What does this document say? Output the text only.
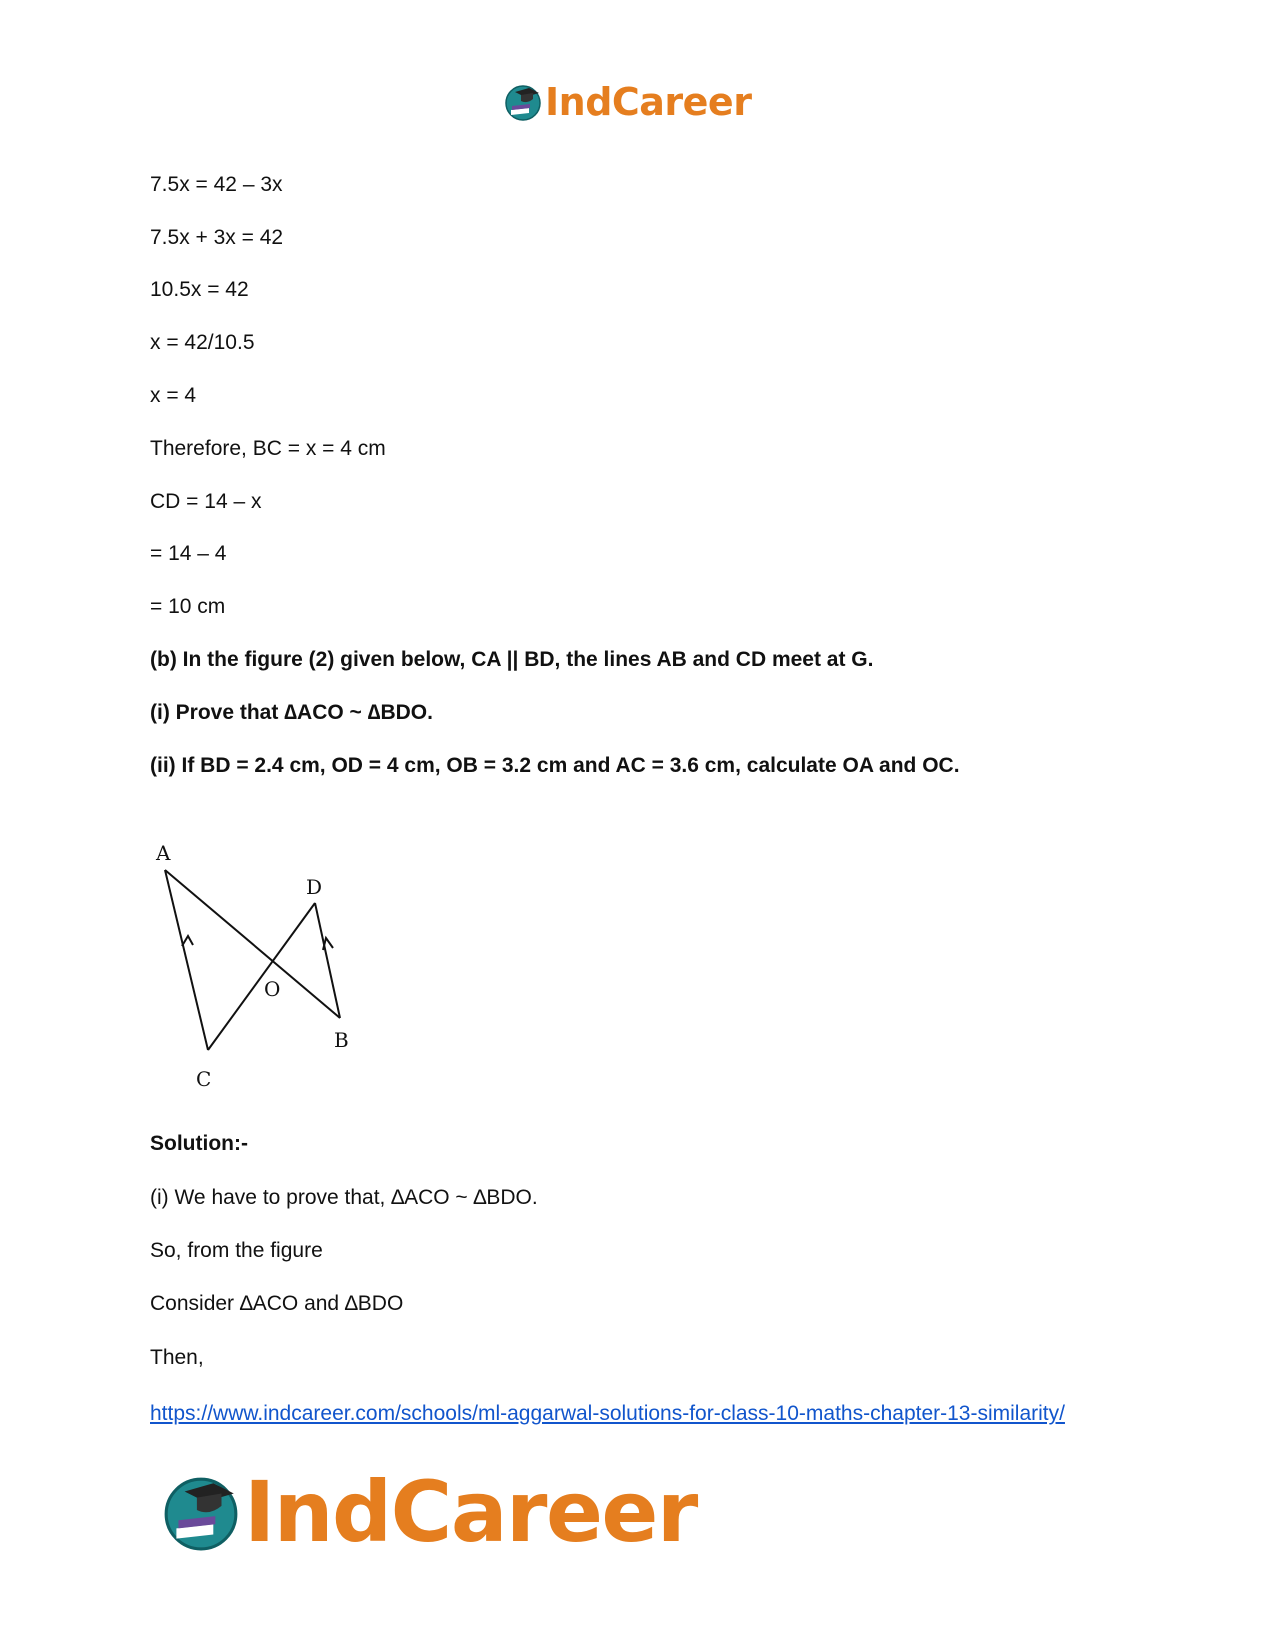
IndCareer
7.5x = 42 – 3x
7.5x + 3x = 42
10.5x = 42
x = 42/10.5
x = 4
Therefore, BC = x = 4 cm
CD = 14 – x
= 14 – 4
= 10 cm
(b) In the figure (2) given below, CA || BD, the lines AB and CD meet at G.
(i) Prove that ∆ACO ~ ∆BDO.
(ii) If BD = 2.4 cm, OD = 4 cm, OB = 3.2 cm and AC = 3.6 cm, calculate OA and OC.
A
D
O
B
C
Solution:-
(i) We have to prove that, ∆ACO ~ ∆BDO.
So, from the figure
Consider ∆ACO and ∆BDO
Then,
https://www.indcareer.com/schools/ml-aggarwal-solutions-for-class-10-maths-chapter-13-similarity/
IndCareer
